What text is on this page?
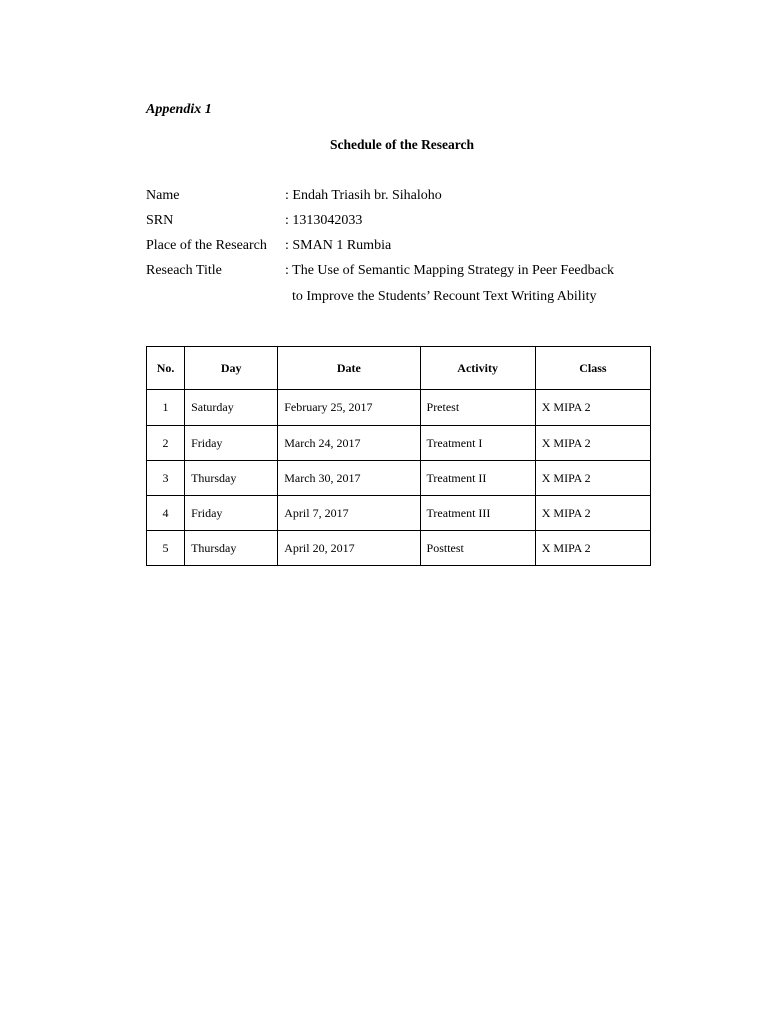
Appendix 1
Schedule of the Research
Name	: Endah Triasih br. Sihaloho
SRN	: 1313042033
Place of the Research : SMAN 1 Rumbia
Reseach Title	: The Use of Semantic Mapping Strategy in Peer Feedback
to Improve the Students’ Recount Text Writing Ability
No.	Day	Date	Activity	Class
1	Saturday	February 25, 2017	Pretest	X MIPA 2
2	Friday	March 24, 2017	Treatment I	X MIPA 2
3	Thursday	March 30, 2017	Treatment II	X MIPA 2
4	Friday	April 7, 2017	Treatment III	X MIPA 2
5	Thursday	April 20, 2017	Posttest	X MIPA 2
